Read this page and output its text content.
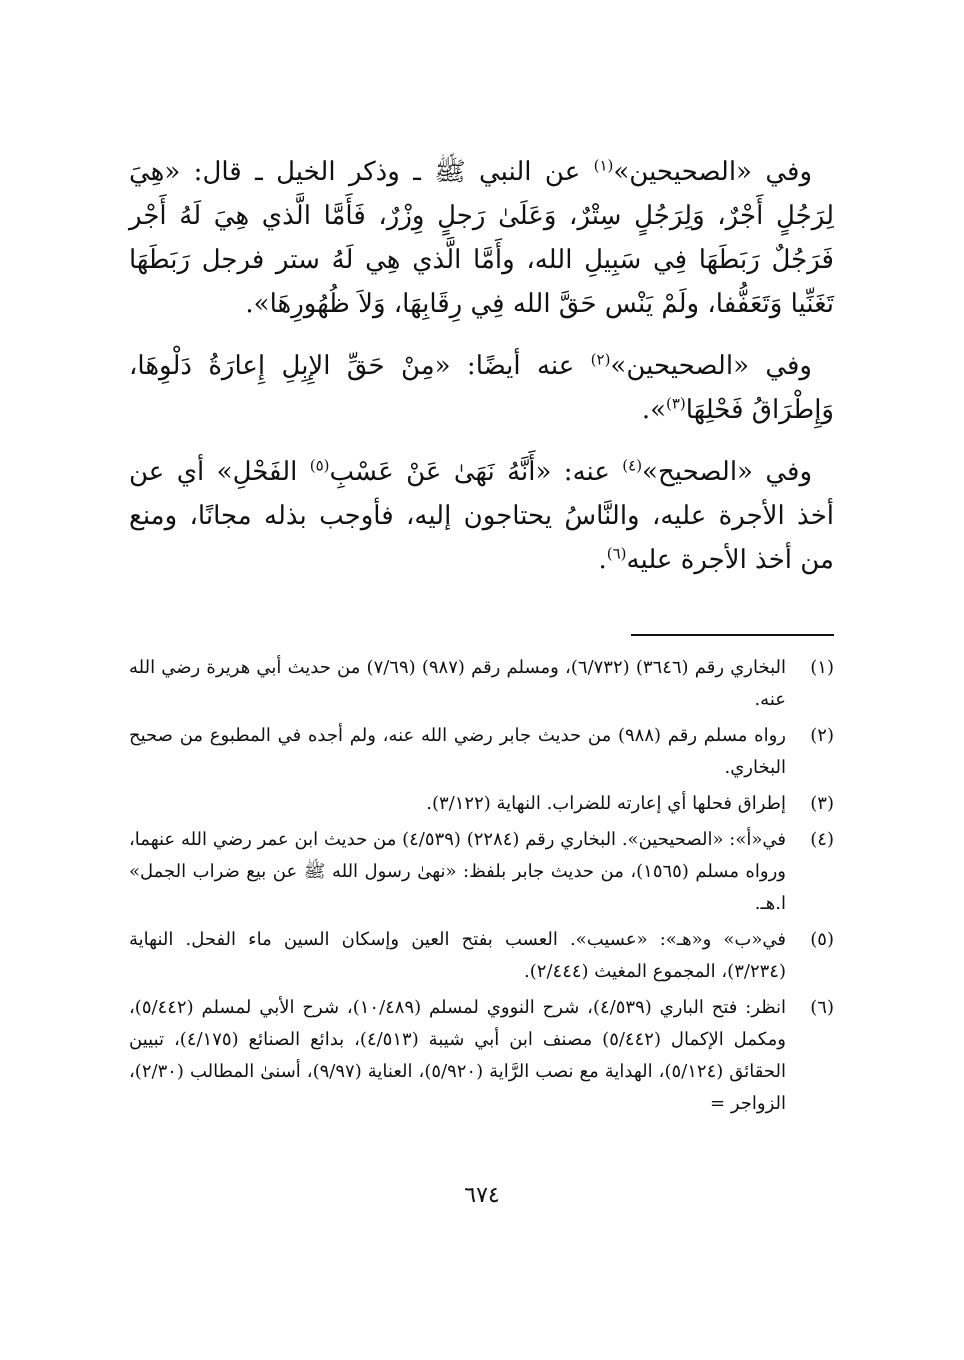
وفي «الصحيحين»$^{(١)}$ عن النبي ﷺ ـ وذكر الخيل ـ قال: «هِيَ لِرَجُلٍ أَجْرٌ، وَلِرَجُلٍ سِتْرٌ، وَعَلَىٰ رَجلٍ وِزْرٌ، فَأَمَّا الَّذي هِيَ لَهُ أَجْر فَرَجُلٌ رَبَطَهَا فِي سَبِيلِ الله، وأَمَّا الَّذي هِي لَهُ ستر فرجل رَبَطَهَا تَغَنِّيا وَتَعَفُّفا، ولَمْ يَنْس حَقَّ الله فِي رِقَابِهَا، وَلاَ ظُهُورِهَا».

وفي «الصحيحين»$^{(٢)}$ عنه أيضًا: «مِنْ حَقِّ الإِبِلِ إِعارَةُ دَلْوِهَا، وَإِطْرَاقُ فَحْلِهَا$^{(٣)}$».

وفي «الصحيح»$^{(٤)}$ عنه: «أَنَّهُ نَهَىٰ عَنْ عَسْبِ$^{(٥)}$ الفَحْلِ» أي عن أخذ الأجرة عليه، والنَّاسُ يحتاجون إليه، فأوجب بذله مجانًا، ومنع من أخذ الأجرة عليه$^{(٦)}$.

(١)
البخاري رقم (٣٦٤٦) (٦/٧٣٢)، ومسلم رقم (٩٨٧) (٧/٦٩) من حديث أبي هريرة رضي الله عنه.
(٢)
رواه مسلم رقم (٩٨٨) من حديث جابر رضي الله عنه، ولم أجده في المطبوع من صحيح البخاري.
(٣)
إطراق فحلها أي إعارته للضراب. النهاية (٣/١٢٢).
(٤)
في«أ»: «الصحيحين». البخاري رقم (٢٢٨٤) (٤/٥٣٩) من حديث ابن عمر رضي الله عنهما، ورواه مسلم (١٥٦٥)، من حديث جابر بلفظ: «نهىٰ رسول الله ﷺ عن بيع ضراب الجمل» ا.هـ.
(٥)
في«ب» و«هـ»: «عسيب». العسب بفتح العين وإسكان السين ماء الفحل. النهاية (٣/٢٣٤)، المجموع المغيث (٢/٤٤٤).
(٦)
انظر: فتح الباري (٤/٥٣٩)، شرح النووي لمسلم (١٠/٤٨٩)، شرح الأبي لمسلم (٥/٤٤٢)، ومكمل الإكمال (٥/٤٤٢) مصنف ابن أبي شيبة (٤/٥١٣)، بدائع الصنائع (٤/١٧٥)، تبيين الحقائق (٥/١٢٤)، الهداية مع نصب الرَّاية (٥/٩٢٠)، العناية (٩/٩٧)، أسنىٰ المطالب (٢/٣٠)، الزواجر =
٦٧٤
